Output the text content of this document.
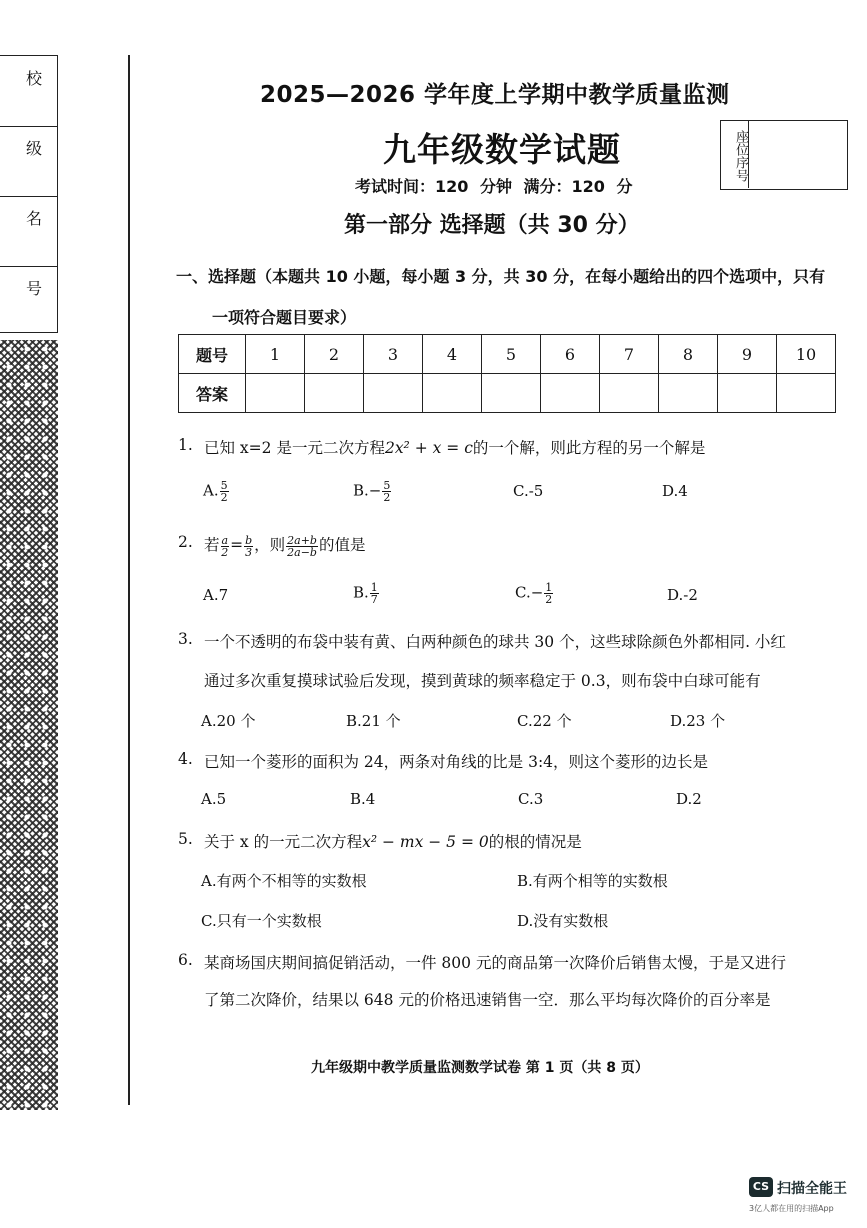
校
级
名
号
2025—2026 学年度上学期中教学质量监测
九年级数学试题
考试时间：120 分钟 满分：120 分
座位序号
第一部分 选择题（共 30 分）
一、选择题（本题共 10 小题，每小题 3 分，共 30 分，在每小题给出的四个选项中，只有
一项符合题目要求）
题号	1	2	3	4	5	6	7	8	9	10
答案										
1. 已知 x=2 是一元二次方程2x² + x = c的一个解，则此方程的另一个解是
A. $\frac{5}{2}$	$B.- \frac{5}{2}$	C.-5	D.4
2. 若 $\frac{a}{2} = \frac{b}{3}$ ，则 $\frac{2a+b}{2a-b}$ 的值是
A.7	B. $\frac{1}{7}$	$C.- \frac{1}{2}$	D.-2
3. 一个不透明的布袋中装有黄、白两种颜色的球共 30 个，这些球除颜色外都相同. 小红
通过多次重复摸球试验后发现，摸到黄球的频率稳定于 0.3，则布袋中白球可能有
A.20 个	B.21 个	C.22 个	D.23 个
4. 已知一个菱形的面积为 24，两条对角线的比是 3:4，则这个菱形的边长是
A.5	B.4	C.3	D.2
5. 关于 x 的一元二次方程x² − mx − 5 = 0的根的情况是
A.有两个不相等的实数根	B.有两个相等的实数根
C.只有一个实数根	D.没有实数根
6. 某商场国庆期间搞促销活动，一件 800 元的商品第一次降价后销售太慢，于是又进行
了第二次降价，结果以 648 元的价格迅速销售一空．那么平均每次降价的百分率是
九年级期中教学质量监测数学试卷 第 1 页（共 8 页）
CS 扫描全能王
3亿人都在用的扫描App
